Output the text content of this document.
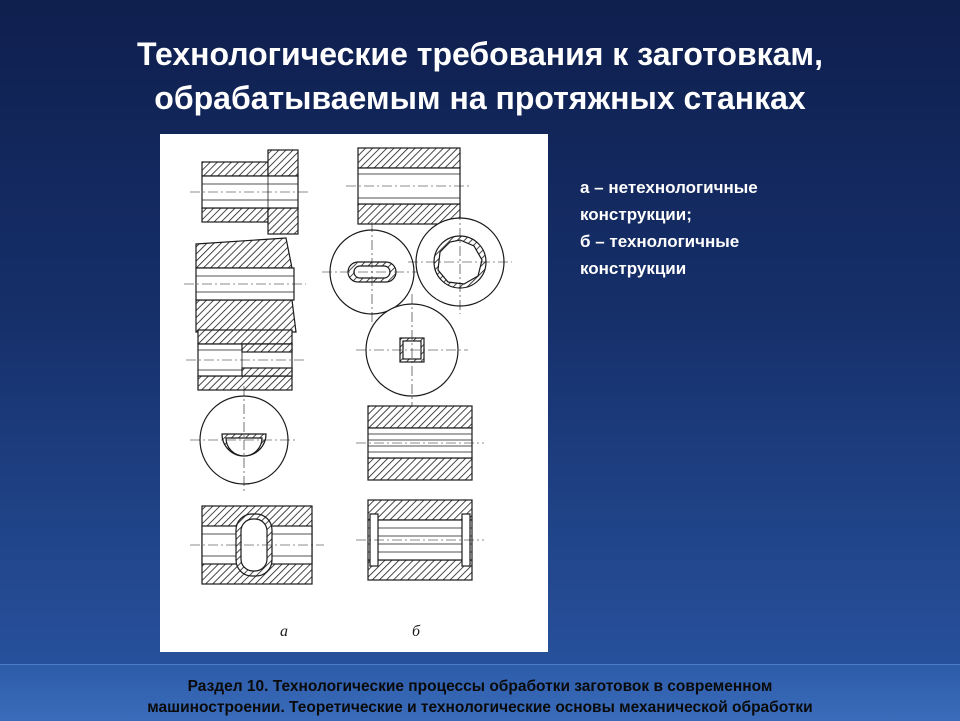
Технологические требования к заготовкам,
обрабатываемым на протяжных станках
а	б
а – нетехнологичные
конструкции;
б – технологичные
конструкции
Раздел 10. Технологические процессы обработки заготовок в современном
машиностроении. Теоретические и технологические основы механической обработки
